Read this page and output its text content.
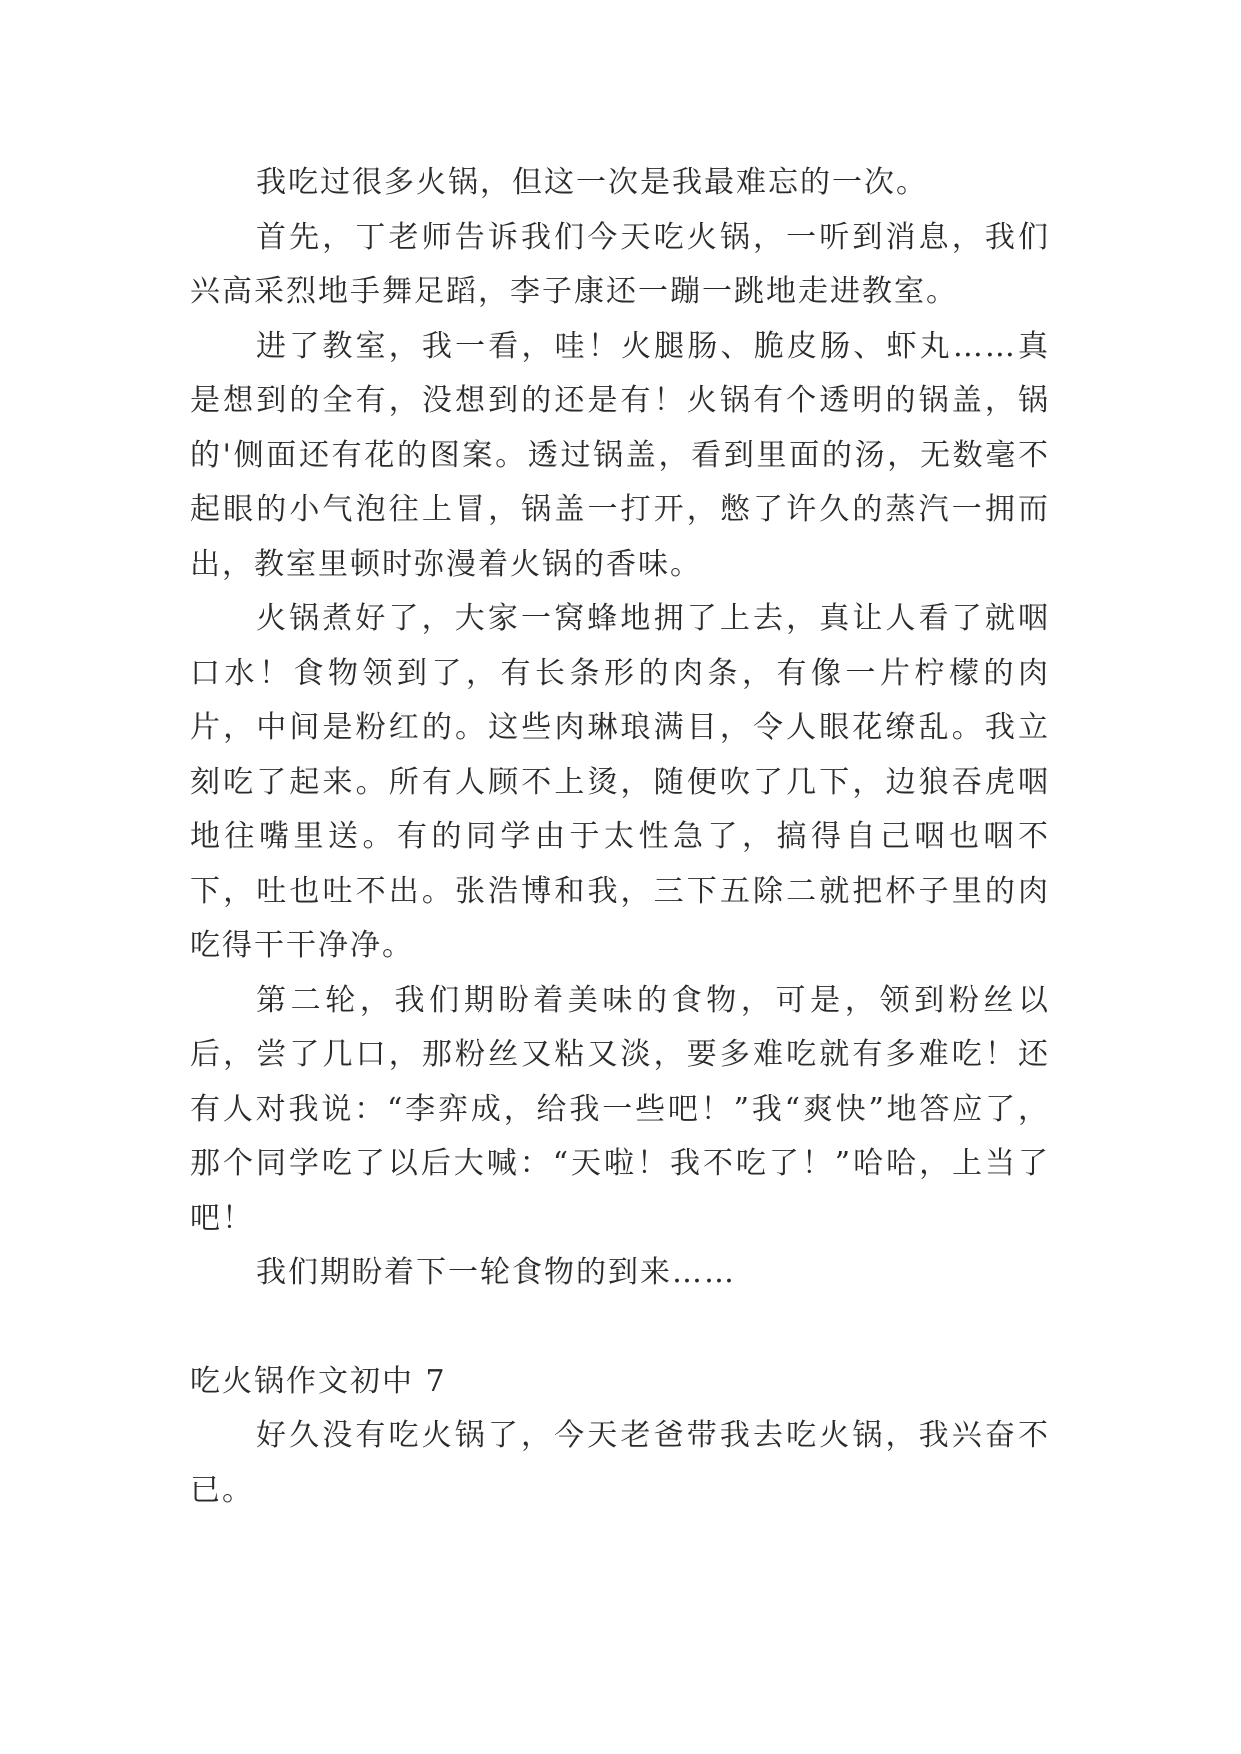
我吃过很多火锅，但这一次是我最难忘的一次。

首先，丁老师告诉我们今天吃火锅，一听到消息，我们兴高采烈地手舞足蹈，李子康还一蹦一跳地走进教室。

进了教室，我一看，哇！火腿肠、脆皮肠、虾丸……真是想到的全有，没想到的还是有！火锅有个透明的锅盖，锅的'侧面还有花的图案。透过锅盖，看到里面的汤，无数毫不起眼的小气泡往上冒，锅盖一打开，憋了许久的蒸汽一拥而出，教室里顿时弥漫着火锅的香味。

火锅煮好了，大家一窝蜂地拥了上去，真让人看了就咽口水！食物领到了，有长条形的肉条，有像一片柠檬的肉片，中间是粉红的。这些肉琳琅满目，令人眼花缭乱。我立刻吃了起来。所有人顾不上烫，随便吹了几下，边狼吞虎咽地往嘴里送。有的同学由于太性急了，搞得自己咽也咽不下，吐也吐不出。张浩博和我，三下五除二就把杯子里的肉吃得干干净净。

第二轮，我们期盼着美味的食物，可是，领到粉丝以后，尝了几口，那粉丝又粘又淡，要多难吃就有多难吃！还有人对我说：“李弈成，给我一些吧！”我“爽快”地答应了，那个同学吃了以后大喊：“天啦！我不吃了！”哈哈，上当了吧！

我们期盼着下一轮食物的到来……

吃火锅作文初中 7

好久没有吃火锅了，今天老爸带我去吃火锅，我兴奋不已。
